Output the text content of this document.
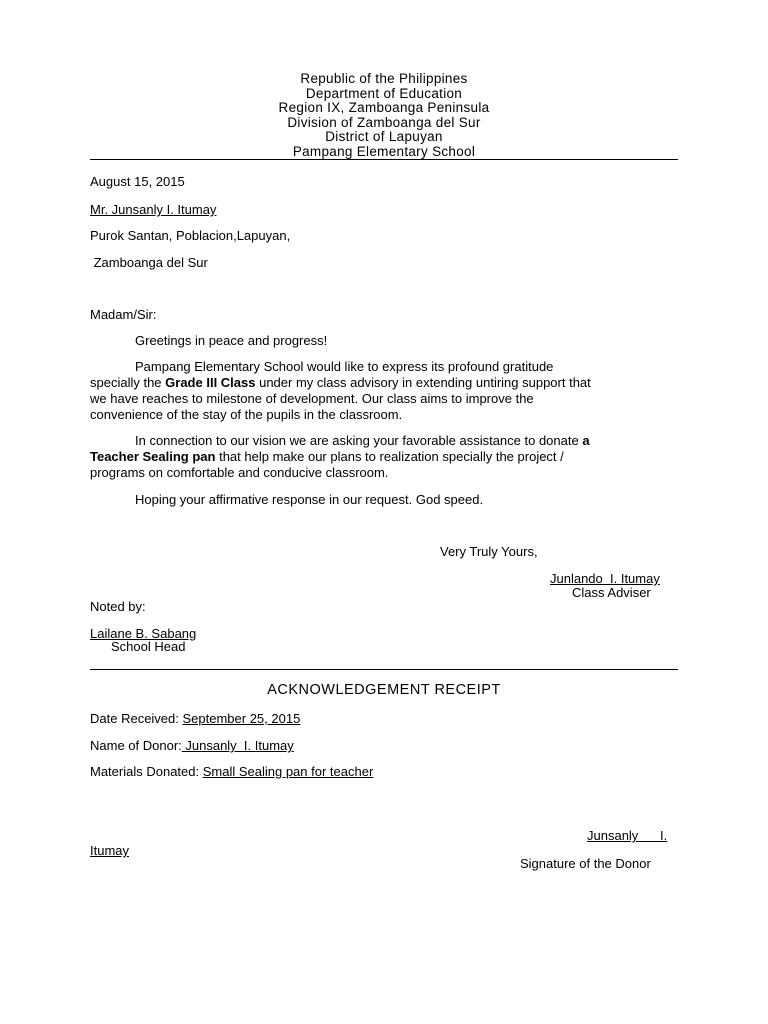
Republic of the Philippines
Department of Education
Region IX, Zamboanga Peninsula
Division of Zamboanga del Sur
District of Lapuyan
Pampang Elementary School
August 15, 2015
Mr. Junsanly I. Itumay
Purok Santan, Poblacion,Lapuyan,
Zamboanga del Sur
Madam/Sir:
Greetings in peace and progress!
Pampang Elementary School would like to express its profound gratitude
specially the Grade III Class under my class advisory in extending untiring support that
we have reaches to milestone of development. Our class aims to improve the
convenience of the stay of the pupils in the classroom.
In connection to our vision we are asking your favorable assistance to donate a
Teacher Sealing pan that help make our plans to realization specially the project /
programs on comfortable and conducive classroom.
Hoping your affirmative response in our request. God speed.
Very Truly Yours,
Junlando  I. Itumay
Class Adviser
Noted by:
Lailane B. Sabang
School Head
ACKNOWLEDGEMENT RECEIPT
Date Received: September 25, 2015
Name of Donor: Junsanly  I. Itumay
Materials Donated: Small Sealing pan for teacher
Junsanly      I.
Itumay
Signature of the Donor
